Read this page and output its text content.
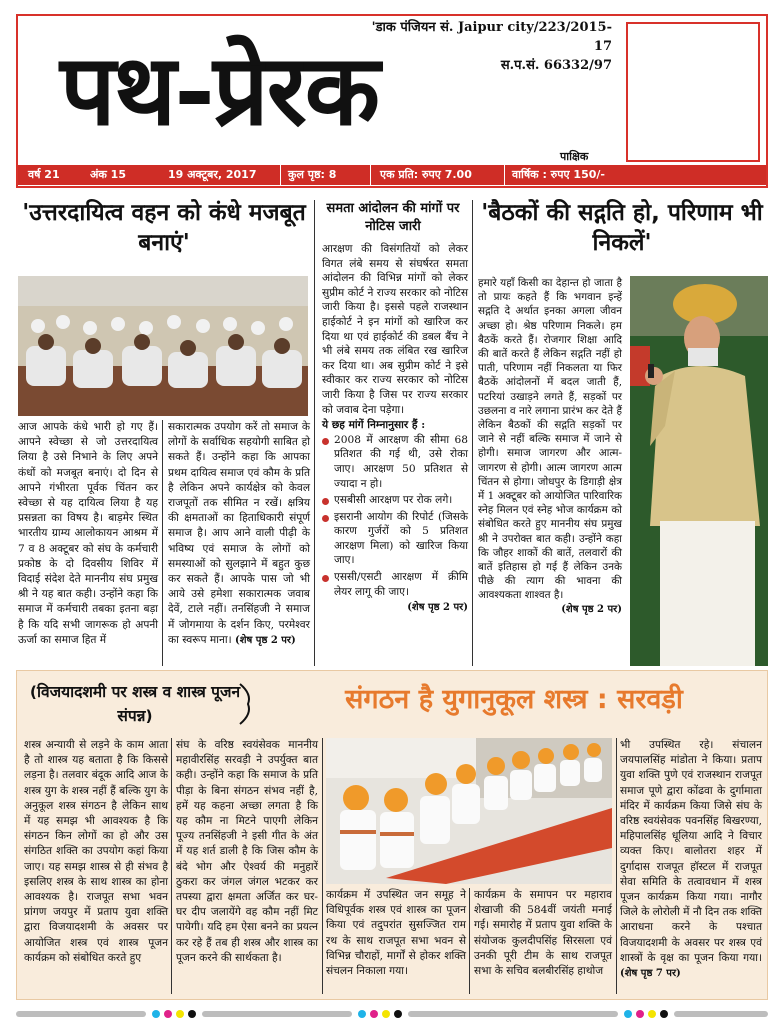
'डाक पंजियन सं. Jaipur city/223/2015-17
स.प.सं. 66332/97
पथ-प्रेरक
पाक्षिक
वर्ष 21	अंक 15	19 अक्टूबर, 2017	कुल पृष्ठ: 8	एक प्रति: रुपए 7.00	वार्षिक : रुपए 150/-
'उत्तरदायित्व वहन को कंधे मजबूत बनाएं'
आज आपके कंधे भारी हो गए हैं। आपने स्वेच्छा से जो उत्तरदायित्व लिया है उसे निभाने के लिए अपने कंधों को मजबूत बनाएं। दो दिन से आपने गंभीरता पूर्वक चिंतन कर स्वेच्छा से यह दायित्व लिया है यह प्रसन्नता का विषय है। बाड़मेर स्थित भारतीय ग्राम्य आलोकायन आश्रम में 7 व 8 अक्टूबर को संघ के कर्मचारी प्रकोष्ठ के दो दिवसीय शिविर में विदाई संदेश देते माननीय संघ प्रमुख श्री ने यह बात कही। उन्होंने कहा कि समाज में कर्मचारी तबका इतना बड़ा है कि यदि सभी जागरूक हो अपनी ऊर्जा का समाज हित में
सकारात्मक उपयोग करें तो समाज के लोगों के सर्वाधिक सहयोगी साबित हो सकते हैं। उन्होंने कहा कि आपका प्रथम दायित्व समाज एवं कौम के प्रति है लेकिन अपने कार्यक्षेत्र को केवल राजपूतों तक सीमित न रखें। क्षत्रिय की क्षमताओं का हिताधिकारी संपूर्ण समाज है। आप आने वाली पीढ़ी के भविष्य एवं समाज के लोगों को समस्याओं को सुलझाने में बहुत कुछ कर सकते हैं। आपके पास जो भी आये उसे हमेशा सकारात्मक जवाब देवें, टाले नहीं। तनसिंहजी ने समाज में जोगमाया के दर्शन किए, परमेश्वर का स्वरूप माना। (शेष पृष्ठ 2 पर)
समता आंदोलन की मांगों पर नोटिस जारी
आरक्षण की विसंगतियों को लेकर विगत लंबे समय से संघर्षरत समता आंदोलन की विभिन्न मांगों को लेकर सुप्रीम कोर्ट ने राज्य सरकार को नोटिस जारी किया है। इससे पहले राजस्थान हाईकोर्ट ने इन मांगों को खारिज कर दिया था एवं हाईकोर्ट की डबल बैंच ने भी लंबे समय तक लंबित रख खारिज कर दिया था। अब सुप्रीम कोर्ट ने इसे स्वीकार कर राज्य सरकार को नोटिस जारी किया है जिस पर राज्य सरकार को जवाब देना पड़ेगा।
ये छह मांगें निम्नानुसार हैं :
2008 में आरक्षण की सीमा 68 प्रतिशत की गई थी, उसे रोका जाए। आरक्षण 50 प्रतिशत से ज्यादा न हो।
एसबीसी आरक्षण पर रोक लगे।
इसरानी आयोग की रिपोर्ट (जिसके कारण गुर्जरों को 5 प्रतिशत आरक्षण मिला) को खारिज किया जाए।
एससी/एसटी आरक्षण में क्रीमि लेयर लागू की जाए।
(शेष पृष्ठ 2 पर)
'बैठकों की सद्गति हो, परिणाम भी निकलें'
हमारे यहाँ किसी का देहान्त हो जाता है तो प्रायः कहते हैं कि भगवान इन्हें सद्गति दे अर्थात इनका अगला जीवन अच्छा हो। श्रेष्ठ परिणाम निकले। हम बैठकें करते हैं। रोजगार शिक्षा आदि की बातें करते हैं लेकिन सद्गति नहीं हो पाती, परिणाम नहीं निकलता या फिर बैठकें आंदोलनों में बदल जाती हैं, पटरियां उखाड़ने लगते हैं, सड़कों पर उछलना व नारे लगाना प्रारंभ कर देते हैं लेकिन बैठकों की सद्गति सड़कों पर जाने से नहीं बल्कि समाज में जाने से होगी। समाज जागरण और आत्म-जागरण से होगी। आत्म जागरण आत्म चिंतन से होगा। जोधपुर के डिगाड़ी क्षेत्र में 1 अक्टूबर को आयोजित पारिवारिक स्नेह मिलन एवं स्नेह भोज कार्यक्रम को संबोधित करते हुए माननीय संघ प्रमुख श्री ने उपरोक्त बात कही। उन्होंने कहा कि जौहर शाकों की बातें, तलवारों की बातें इतिहास हो गई हैं लेकिन उनके पीछे की त्याग की भावना की आवश्यकता शाश्वत है।
(शेष पृष्ठ 2 पर)
(विजयादशमी पर शस्त्र व शास्त्र पूजन संपन्न)
संगठन है युगानुकूल शस्त्र : सरवड़ी
शस्त्र अन्यायी से लड़ने के काम आता है तो शास्त्र यह बताता है कि किससे लड़ना है। तलवार बंदूक आदि आज के शस्त्र युग के शस्त्र नहीं हैं बल्कि युग के अनुकूल शस्त्र संगठन है लेकिन साथ में यह समझ भी आवश्यक है कि संगठन किन लोगों का हो और उस संगठित शक्ति का उपयोग कहां किया जाए। यह समझ शास्त्र से ही संभव है इसलिए शस्त्र के साथ शास्त्र का होना आवश्यक है। राजपूत सभा भवन प्रांगण जयपुर में प्रताप युवा शक्ति द्वारा विजयादशमी के अवसर पर आयोजित शस्त्र एवं शास्त्र पूजन कार्यक्रम को संबोधित करते हुए
संघ के वरिष्ठ स्वयंसेवक माननीय महावीरसिंह सरवड़ी ने उपर्युक्त बात कही। उन्होंने कहा कि समाज के प्रति पीड़ा के बिना संगठन संभव नहीं है, हमें यह कहना अच्छा लगता है कि यह कौम ना मिटने पाएगी लेकिन पूज्य तनसिंहजी ने इसी गीत के अंत में यह शर्त डाली है कि जिस कौम के बंदे भोग और ऐश्वर्य की मनुहारें ठुकरा कर जंगल जंगल भटकर कर तपस्या द्वारा क्षमता अर्जित कर घर-घर दीप जलायेंगे वह कौम नहीं मिट पायेगी। यदि हम ऐसा बनने का प्रयत्न कर रहे हैं तब ही शस्त्र और शास्त्र का पूजन करने की सार्थकता है।
कार्यक्रम में उपस्थित जन समूह ने विधिपूर्वक शस्त्र एवं शास्त्र का पूजन किया एवं तदुपरांत सुसज्जित राम रथ के साथ राजपूत सभा भवन से विभिन्न चौराहों, मार्गों से होकर शक्ति संचलन निकाला गया।
कार्यक्रम के समापन पर महाराव शेखाजी की 584वीं जयंती मनाई गई। समारोह में प्रताप युवा शक्ति के संयोजक कुलदीपसिंह सिरसला एवं उनकी पूरी टीम के साथ राजपूत सभा के सचिव बलबीरसिंह हाथोज
भी उपस्थित रहे। संचालन जयपालसिंह मांडोता ने किया। प्रताप युवा शक्ति पुणे एवं राजस्थान राजपूत समाज पूणे द्वारा कोंढवा के दुर्गामाता मंदिर में कार्यक्रम किया जिसे संघ के वरिष्ठ स्वयंसेवक पवनसिंह बिखरण्या, महिपालसिंह धूलिया आदि ने विचार व्यक्त किए। बालोतरा शहर में दुर्गादास राजपूत हॉस्टल में राजपूत सेवा समिति के तत्वावधान में शस्त्र पूजन कार्यक्रम किया गया। नागौर जिले के लोरोली में नौ दिन तक शक्ति आराधना करने के पश्चात विजयादशमी के अवसर पर शस्त्र एवं शास्त्रों के वृक्ष का पूजन किया गया। (शेष पृष्ठ 7 पर)
